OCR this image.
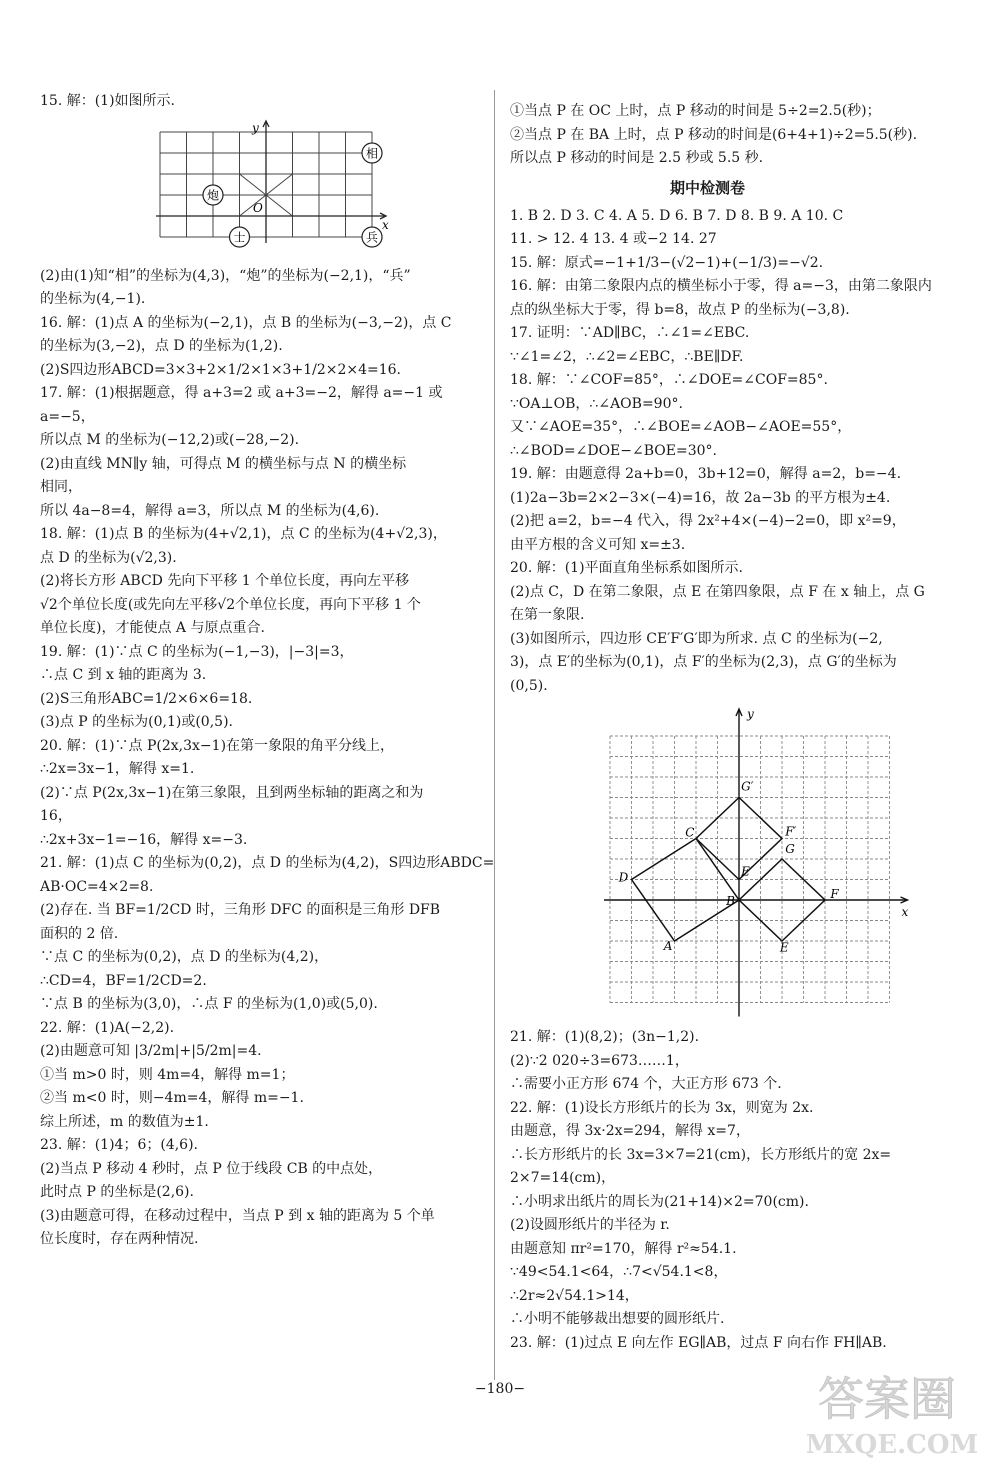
15. 解：(1)如图所示.
y
x
O
相
炮
士	兵
(2)由(1)知“相”的坐标为(4,3)，“炮”的坐标为(−2,1)，“兵”
的坐标为(4,−1).
16. 解：(1)点 A 的坐标为(−2,1)，点 B 的坐标为(−3,−2)，点 C
的坐标为(3,−2)，点 D 的坐标为(1,2).
(2)S四边形ABCD=3×3+2×1/2×1×3+1/2×2×4=16.
17. 解：(1)根据题意，得 a+3=2 或 a+3=−2，解得 a=−1 或
a=−5，
所以点 M 的坐标为(−12,2)或(−28,−2).
(2)由直线 MN∥y 轴，可得点 M 的横坐标与点 N 的横坐标
相同，
所以 4a−8=4，解得 a=3，所以点 M 的坐标为(4,6).
18. 解：(1)点 B 的坐标为(4+√2,1)，点 C 的坐标为(4+√2,3)，
点 D 的坐标为(√2,3).
(2)将长方形 ABCD 先向下平移 1 个单位长度，再向左平移
√2个单位长度(或先向左平移√2个单位长度，再向下平移 1 个
单位长度)，才能使点 A 与原点重合.
19. 解：(1)∵点 C 的坐标为(−1,−3)，|−3|=3，
∴点 C 到 x 轴的距离为 3.
(2)S三角形ABC=1/2×6×6=18.
(3)点 P 的坐标为(0,1)或(0,5).
20. 解：(1)∵点 P(2x,3x−1)在第一象限的角平分线上，
∴2x=3x−1，解得 x=1.
(2)∵点 P(2x,3x−1)在第三象限，且到两坐标轴的距离之和为
16，
∴2x+3x−1=−16，解得 x=−3.
21. 解：(1)点 C 的坐标为(0,2)，点 D 的坐标为(4,2)，S四边形ABDC=
AB·OC=4×2=8.
(2)存在. 当 BF=1/2CD 时，三角形 DFC 的面积是三角形 DFB
面积的 2 倍.
∵点 C 的坐标为(0,2)，点 D 的坐标为(4,2)，
∴CD=4，BF=1/2CD=2.
∵点 B 的坐标为(3,0)，∴点 F 的坐标为(1,0)或(5,0).
22. 解：(1)A(−2,2).
(2)由题意可知 |3/2m|+|5/2m|=4.
①当 m>0 时，则 4m=4，解得 m=1；
②当 m<0 时，则−4m=4，解得 m=−1.
综上所述，m 的数值为±1.
23. 解：(1)4；6；(4,6).
(2)当点 P 移动 4 秒时，点 P 位于线段 CB 的中点处，
此时点 P 的坐标是(2,6).
(3)由题意可得，在移动过程中，当点 P 到 x 轴的距离为 5 个单
位长度时，存在两种情况.
①当点 P 在 OC 上时，点 P 移动的时间是 5÷2=2.5(秒)；
②当点 P 在 BA 上时，点 P 移动的时间是(6+4+1)÷2=5.5(秒).
所以点 P 移动的时间是 2.5 秒或 5.5 秒.
期中检测卷
1. B 2. D 3. C 4. A 5. D 6. B 7. D 8. B 9. A 10. C
11. > 12. 4 13. 4 或−2 14. 27
15. 解：原式=−1+1/3−(√2−1)+(−1/3)=−√2.
16. 解：由第二象限内点的横坐标小于零，得 a=−3，由第二象限内
点的纵坐标大于零，得 b=8，故点 P 的坐标为(−3,8).
17. 证明：∵AD∥BC，∴∠1=∠EBC.
∵∠1=∠2，∴∠2=∠EBC，∴BE∥DF.
18. 解：∵∠COF=85°，∴∠DOE=∠COF=85°.
∵OA⊥OB，∴∠AOB=90°.
又∵∠AOE=35°，∴∠BOE=∠AOB−∠AOE=55°，
∴∠BOD=∠DOE−∠BOE=30°.
19. 解：由题意得 2a+b=0，3b+12=0，解得 a=2，b=−4.
(1)2a−3b=2×2−3×(−4)=16，故 2a−3b 的平方根为±4.
(2)把 a=2，b=−4 代入，得 2x²+4×(−4)−2=0，即 x²=9，
由平方根的含义可知 x=±3.
20. 解：(1)平面直角坐标系如图所示.
(2)点 C，D 在第二象限，点 E 在第四象限，点 F 在 x 轴上，点 G
在第一象限.
(3)如图所示，四边形 CE′F′G′即为所求. 点 C 的坐标为(−2,
3)，点 E′的坐标为(0,1)，点 F′的坐标为(2,3)，点 G′的坐标为
(0,5).
y
x
G′
C	F′
G
D	E′
B
F
A	E
21. 解：(1)(8,2)；(3n−1,2).
(2)∵2 020÷3=673……1，
∴需要小正方形 674 个，大正方形 673 个.
22. 解：(1)设长方形纸片的长为 3x，则宽为 2x.
由题意，得 3x·2x=294，解得 x=7，
∴长方形纸片的长 3x=3×7=21(cm)，长方形纸片的宽 2x=
2×7=14(cm)，
∴小明求出纸片的周长为(21+14)×2=70(cm).
(2)设圆形纸片的半径为 r.
由题意知 πr²=170，解得 r²≈54.1.
∵49<54.1<64，∴7<√54.1<8，
∴2r≈2√54.1>14，
∴小明不能够裁出想要的圆形纸片.
23. 解：(1)过点 E 向左作 EG∥AB，过点 F 向右作 FH∥AB.
−180−	答案圈
MXQE.COM
